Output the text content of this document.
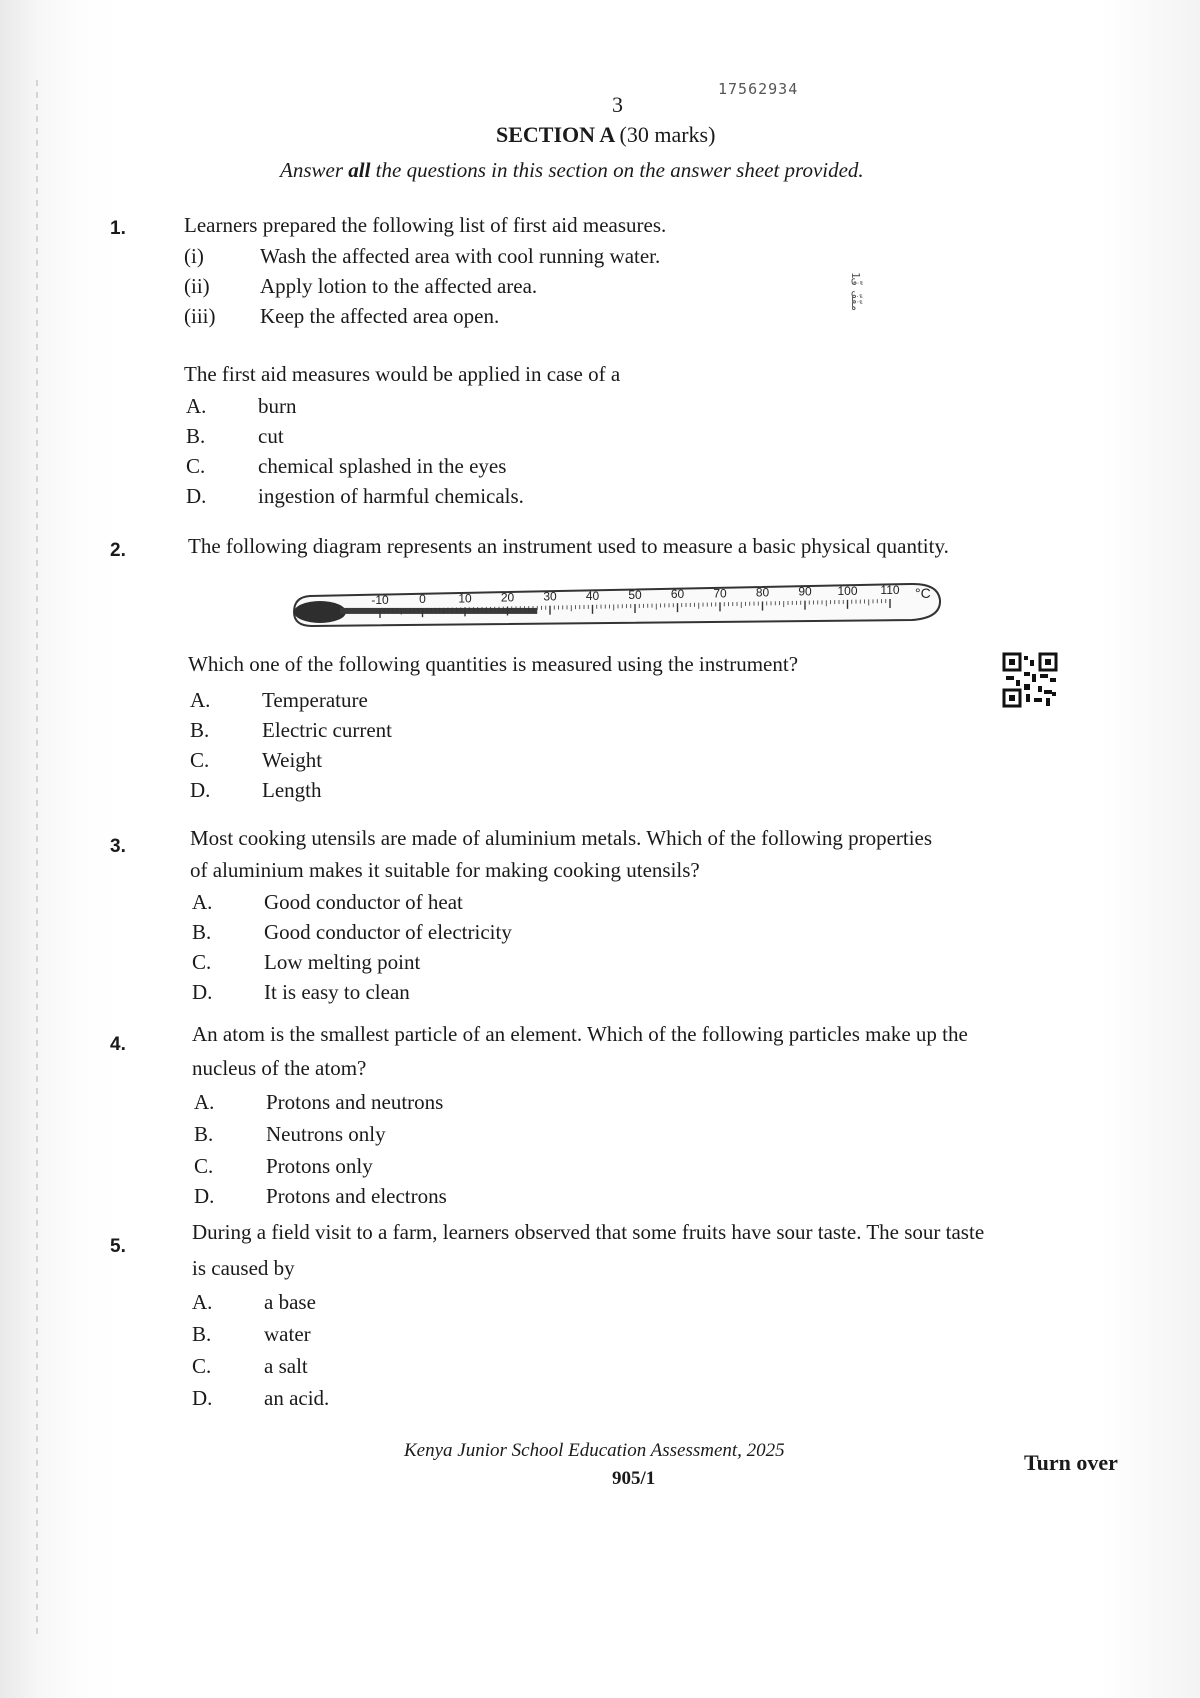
17562934
3
SECTION A (30 marks)
Answer all the questions in this section on the answer sheet provided.
1.	Learners prepared the following list of first aid measures.
(i)	Wash the affected area with cool running water.
(ii) Apply lotion to the affected area.
(iii) Keep the affected area open.
The first aid measures would be applied in case of a
A. burn
B.	cut
C.	chemical splashed in the eyes
D. ingestion of harmful chemicals.
1مفّفّ فّ
2.	The following diagram represents an instrument used to measure a basic physical quantity.
-10	0	10 20 30 40 50 60 70 80 90 100 110 °C
Which one of the following quantities is measured using the instrument?
A. Temperature
B.	Electric current
C.	Weight
D. Length
3.	Most cooking utensils are made of aluminium metals. Which of the following properties
of aluminium makes it suitable for making cooking utensils?
A. Good conductor of heat
B.	Good conductor of electricity
C.	Low melting point
D. It is easy to clean
4.	An atom is the smallest particle of an element. Which of the following particles make up the
nucleus of the atom?
A. Protons and neutrons
B.	Neutrons only
C.	Protons only
D. Protons and electrons
5.
During a field visit to a farm, learners observed that some fruits have sour taste. The sour taste
is caused by
A. a base
B.	water
C.	a salt
D. an acid.
Kenya Junior School Education Assessment, 2025
905/1
Turn over
